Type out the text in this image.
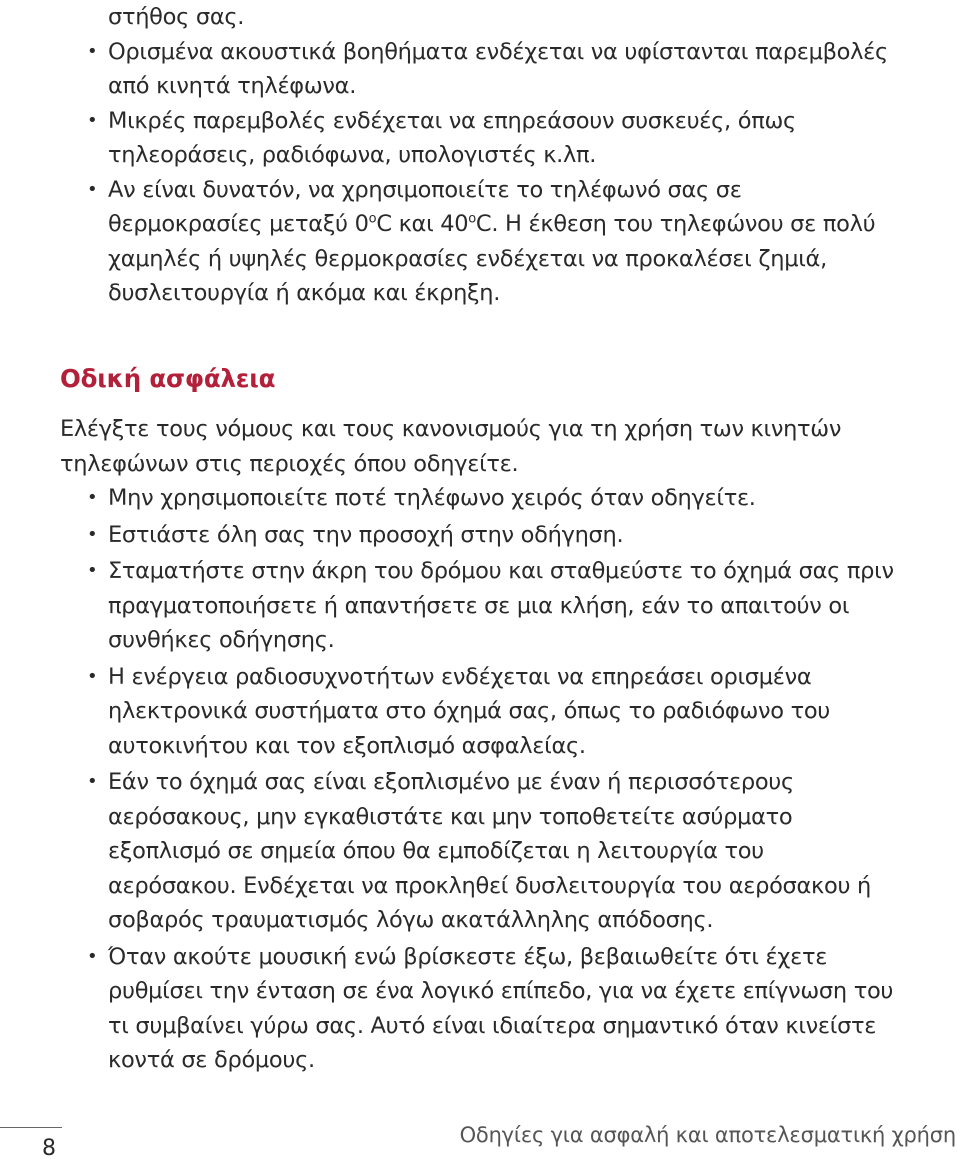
στήθος σας.

• Ορισμένα ακουστικά βοηθήματα ενδέχεται να υφίστανται παρεμβολές
από κινητά τηλέφωνα.
• Μικρές παρεμβολές ενδέχεται να επηρεάσουν συσκευές, όπως
τηλεοράσεις, ραδιόφωνα, υπολογιστές κ.λπ.
• Αν είναι δυνατόν, να χρησιμοποιείτε το τηλέφωνό σας σε
θερμοκρασίες μεταξύ 0$^o$C και 40$^o$C. Η έκθεση του τηλεφώνου σε πολύ
χαμηλές ή υψηλές θερμοκρασίες ενδέχεται να προκαλέσει ζημιά,
δυσλειτουργία ή ακόμα και έκρηξη.
Οδική ασφάλεια

Ελέγξτε τους νόμους και τους κανονισμούς για τη χρήση των κινητών
τηλεφώνων στις περιοχές όπου οδηγείτε.

• Μην χρησιμοποιείτε ποτέ τηλέφωνο χειρός όταν οδηγείτε.
• Εστιάστε όλη σας την προσοχή στην οδήγηση.
• Σταματήστε στην άκρη του δρόμου και σταθμεύστε το όχημά σας πριν
πραγματοποιήσετε ή απαντήσετε σε μια κλήση, εάν το απαιτούν οι
συνθήκες οδήγησης.
• Η ενέργεια ραδιοσυχνοτήτων ενδέχεται να επηρεάσει ορισμένα
ηλεκτρονικά συστήματα στο όχημά σας, όπως το ραδιόφωνο του
αυτοκινήτου και τον εξοπλισμό ασφαλείας.
• Εάν το όχημά σας είναι εξοπλισμένο με έναν ή περισσότερους
αερόσακους, μην εγκαθιστάτε και μην τοποθετείτε ασύρματο
εξοπλισμό σε σημεία όπου θα εμποδίζεται η λειτουργία του
αερόσακου. Ενδέχεται να προκληθεί δυσλειτουργία του αερόσακου ή
σοβαρός τραυματισμός λόγω ακατάλληλης απόδοσης.
• Όταν ακούτε μουσική ενώ βρίσκεστε έξω, βεβαιωθείτε ότι έχετε
ρυθμίσει την ένταση σε ένα λογικό επίπεδο, για να έχετε επίγνωση του
τι συμβαίνει γύρω σας. Αυτό είναι ιδιαίτερα σημαντικό όταν κινείστε
κοντά σε δρόμους.
8
Οδηγίες για ασφαλή και αποτελεσματική χρήση
